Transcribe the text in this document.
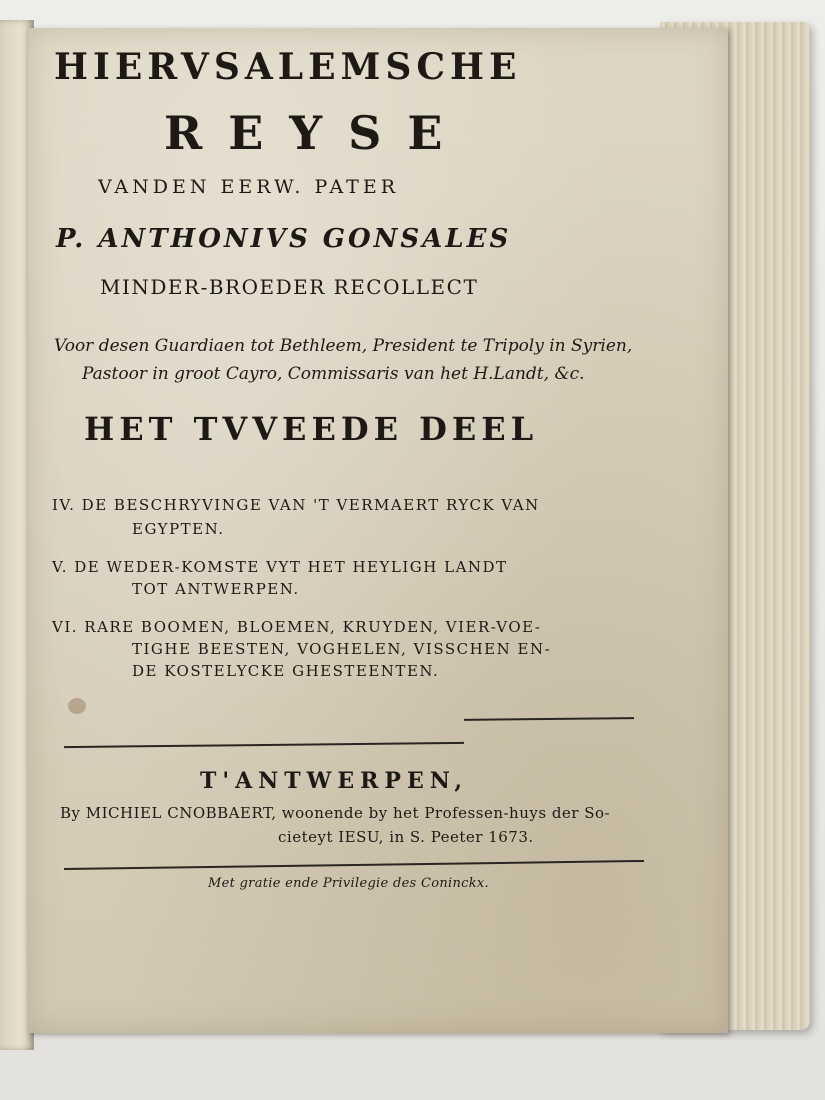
HIERVSALEMSCHE
REYSE
VANDEN EERW. PATER
P. ANTHONIVS GONSALES
MINDER-BROEDER RECOLLECT
Voor desen Guardiaen tot Bethleem, President te Tripoly in Syrien,
Pastoor in groot Cayro, Commissaris van het H.Landt, &c.
HET TVVEEDE DEEL
IV. DE BESCHRYVINGE VAN 'T VERMAERT RYCK VAN
EGYPTEN.
V. DE WEDER-KOMSTE VYT HET HEYLIGH LANDT
TOT ANTWERPEN.
VI. RARE BOOMEN, BLOEMEN, KRUYDEN, VIER-VOE-
TIGHE BEESTEN, VOGHELEN, VISSCHEN EN-
DE KOSTELYCKE GHESTEENTEN.
T'ANTWERPEN,
By MICHIEL CNOBBAERT, woonende by het Professen-huys der So-
cieteyt IESU, in S. Peeter 1673.
Met gratie ende Privilegie des Coninckx.
